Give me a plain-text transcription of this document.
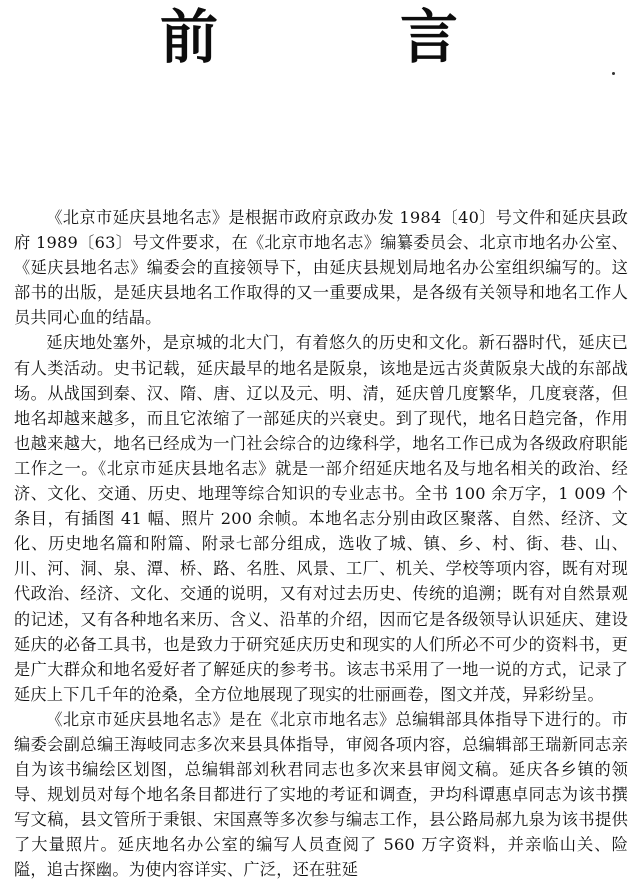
前	言

《北京市延庆县地名志》是根据市政府京政办发 1984〔40〕号文件和延庆县政府 1989〔63〕号文件要求，在《北京市地名志》编纂委员会、北京市地名办公室、《延庆县地名志》编委会的直接领导下，由延庆县规划局地名办公室组织编写的。这部书的出版，是延庆县地名工作取得的又一重要成果，是各级有关领导和地名工作人员共同心血的结晶。

延庆地处塞外，是京城的北大门，有着悠久的历史和文化。新石器时代，延庆已有人类活动。史书记载，延庆最早的地名是阪泉，该地是远古炎黄阪泉大战的东部战场。从战国到秦、汉、隋、唐、辽以及元、明、清，延庆曾几度繁华，几度衰落，但地名却越来越多，而且它浓缩了一部延庆的兴衰史。到了现代，地名日趋完备，作用也越来越大，地名已经成为一门社会综合的边缘科学，地名工作已成为各级政府职能工作之一。《北京市延庆县地名志》就是一部介绍延庆地名及与地名相关的政治、经济、文化、交通、历史、地理等综合知识的专业志书。全书 100 余万字，1 009 个条目，有插图 41 幅、照片 200 余帧。本地名志分别由政区聚落、自然、经济、文化、历史地名篇和附篇、附录七部分组成，选收了城、镇、乡、村、街、巷、山、川、河、洞、泉、潭、桥、路、名胜、风景、工厂、机关、学校等项内容，既有对现代政治、经济、文化、交通的说明，又有对过去历史、传统的追溯；既有对自然景观的记述，又有各种地名来历、含义、沿革的介绍，因而它是各级领导认识延庆、建设延庆的必备工具书，也是致力于研究延庆历史和现实的人们所必不可少的资料书，更是广大群众和地名爱好者了解延庆的参考书。该志书采用了一地一说的方式，记录了延庆上下几千年的沧桑，全方位地展现了现实的壮丽画卷，图文并茂，异彩纷呈。

《北京市延庆县地名志》是在《北京市地名志》总编辑部具体指导下进行的。市编委会副总编王海岐同志多次来县具体指导，审阅各项内容，总编辑部王瑞新同志亲自为该书编绘区划图，总编辑部刘秋君同志也多次来县审阅文稿。延庆各乡镇的领导、规划员对每个地名条目都进行了实地的考证和调查，尹均科谭惠卓同志为该书撰写文稿，县文管所于秉银、宋国熹等多次参与编志工作，县公路局郝九泉为该书提供了大量照片。延庆地名办公室的编写人员查阅了 560 万字资料，并亲临山关、险隘，追古探幽。为使内容详实、广泛，还在驻延
